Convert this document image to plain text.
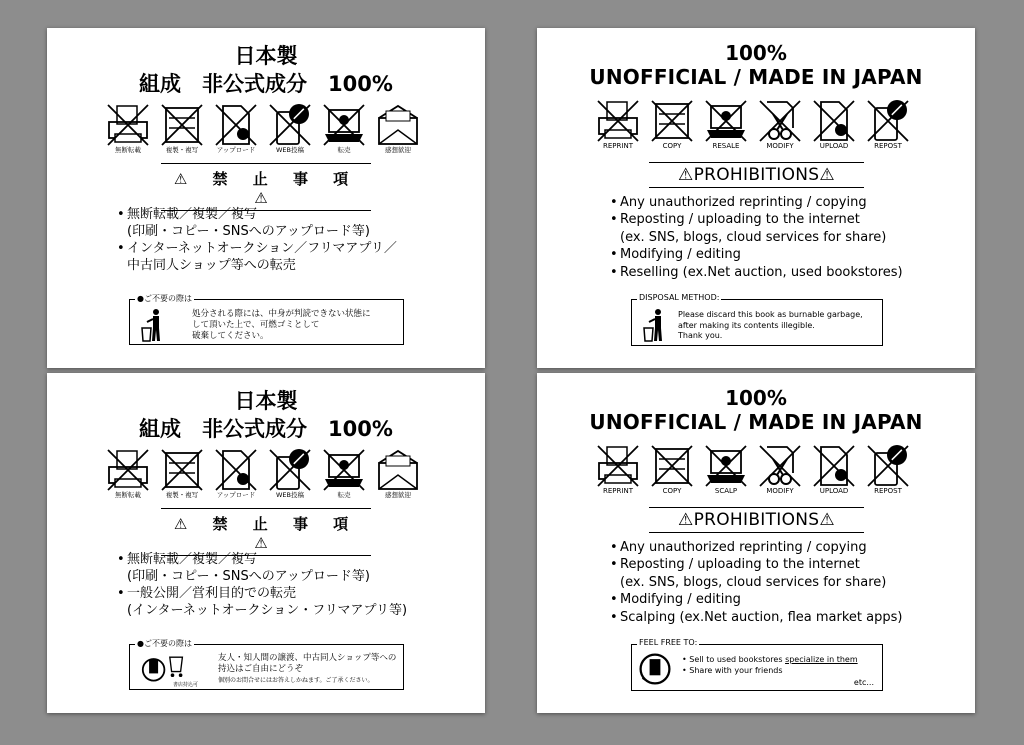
日本製
組成　非公式成分　100%
無断転載	複製・複写	アップロード	WEB投稿	転売	感想歓迎
⚠ 禁 止 事 項 ⚠
• 無断転載／複製／複写
(印刷・コピー・SNSへのアップロード等)
• インターネットオークション／フリマアプリ／
中古同人ショップ等への転売
●ご不要の際は
処分される際には、中身が判読できない状態に
して頂いた上で、可燃ゴミとして
破棄してください。
100%
UNOFFICIAL / MADE IN JAPAN
REPRINT	COPY	RESALE	MODIFY	UPLOAD	REPOST
⚠PROHIBITIONS⚠
• Any unauthorized reprinting / copying
• Reposting / uploading to the internet
(ex. SNS, blogs, cloud services for share)
• Modifying / editing
• Reselling (ex.Net auction, used bookstores)
DISPOSAL METHOD:
Please discard this book as burnable garbage,
after making its contents illegible.
Thank you.
日本製
組成　非公式成分　100%
無断転載	複製・複写	アップロード	WEB投稿	転売	感想歓迎
⚠ 禁 止 事 項 ⚠
• 無断転載／複製／複写
(印刷・コピー・SNSへのアップロード等)
• 一般公開／営利目的での転売
(インターネットオークション・フリマアプリ等)
●ご不要の際は
書店持込可
友人・知人間の譲渡、中古同人ショップ等への
持込はご自由にどうぞ
個別のお問合せにはお答えしかねます。ご了承ください。
100%
UNOFFICIAL / MADE IN JAPAN
REPRINT	COPY	SCALP	MODIFY	UPLOAD	REPOST
⚠PROHIBITIONS⚠
• Any unauthorized reprinting / copying
• Reposting / uploading to the internet
(ex. SNS, blogs, cloud services for share)
• Modifying / editing
• Scalping (ex.Net auction, flea market apps)
FEEL FREE TO:
• Sell to used bookstores specialize in them
• Share with your friends
etc...
